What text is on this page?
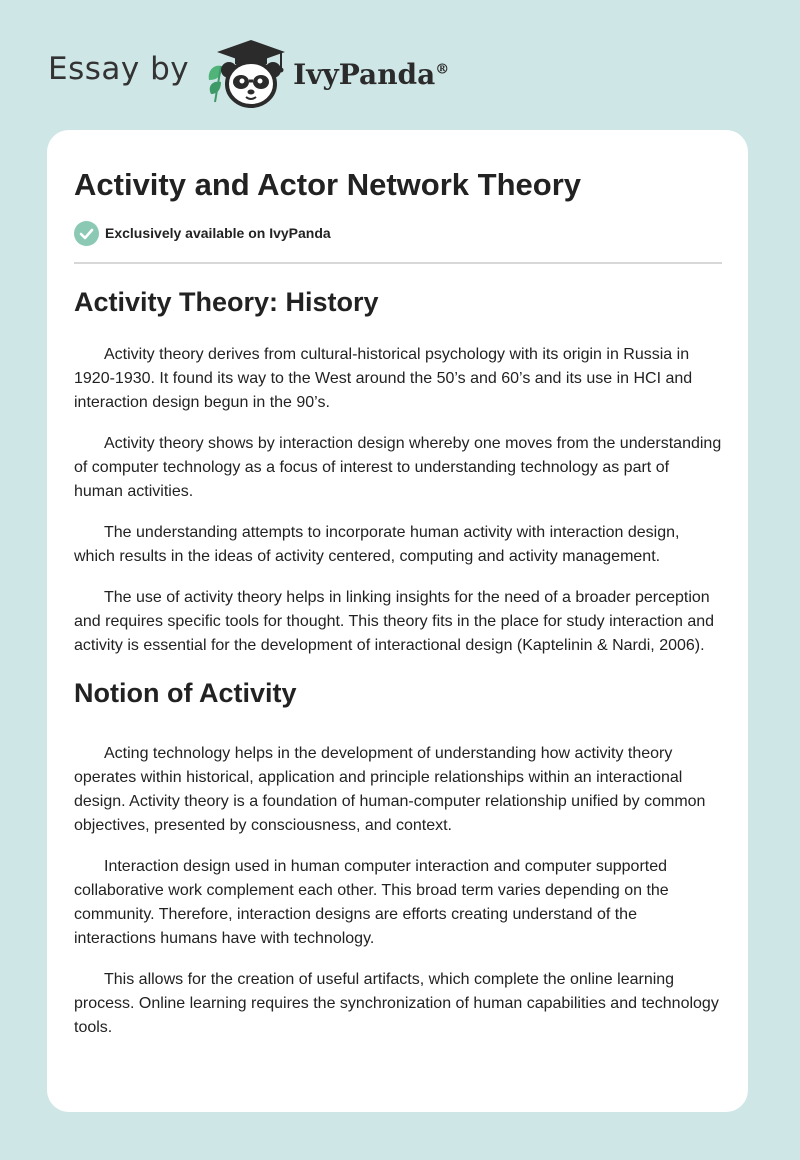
Essay by	IvyPanda®
Activity and Actor Network Theory
Exclusively available on IvyPanda
Activity Theory: History

Activity theory derives from cultural-historical psychology with its origin in Russia in 1920-1930. It found its way to the West around the 50’s and 60’s and its use in HCI and interaction design begun in the 90’s.

Activity theory shows by interaction design whereby one moves from the understanding of computer technology as a focus of interest to understanding technology as part of human activities.

The understanding attempts to incorporate human activity with interaction design, which results in the ideas of activity centered, computing and activity management.

The use of activity theory helps in linking insights for the need of a broader perception and requires specific tools for thought. This theory fits in the place for study interaction and activity is essential for the development of interactional design (Kaptelinin & Nardi, 2006).

Notion of Activity

Acting technology helps in the development of understanding how activity theory operates within historical, application and principle relationships within an interactional design. Activity theory is a foundation of human-computer relationship unified by common objectives, presented by consciousness, and context.

Interaction design used in human computer interaction and computer supported collaborative work complement each other. This broad term varies depending on the community. Therefore, interaction designs are efforts creating understand of the interactions humans have with technology.

This allows for the creation of useful artifacts, which complete the online learning process. Online learning requires the synchronization of human capabilities and technology tools.
